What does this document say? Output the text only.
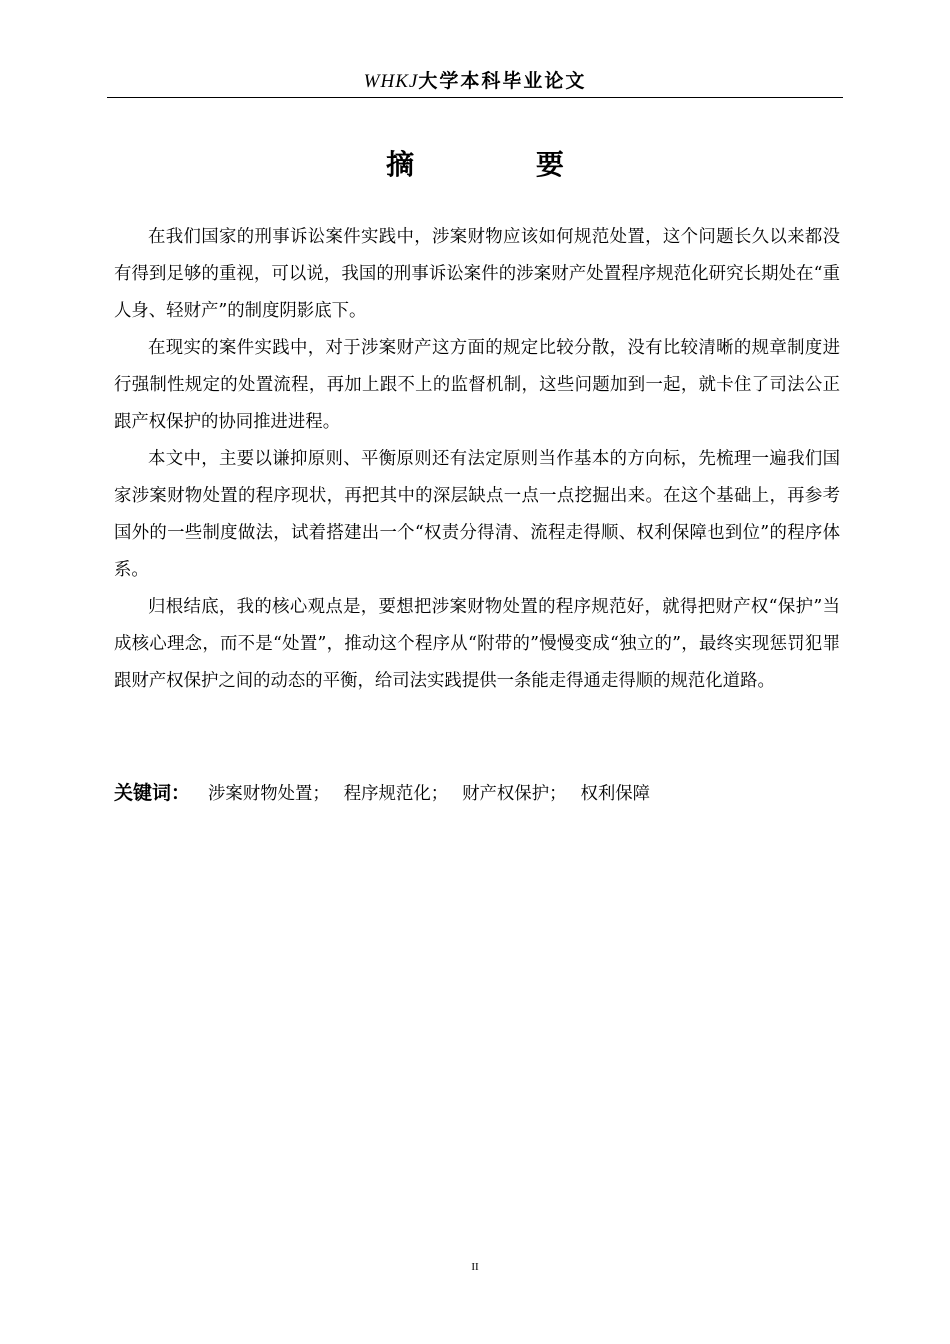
WHKJ大学本科毕业论文
摘 要

在我们国家的刑事诉讼案件实践中，涉案财物应该如何规范处置，这个问题长久以来都没有得到足够的重视，可以说，我国的刑事诉讼案件的涉案财产处置程序规范化研究长期处在“重人身、轻财产”的制度阴影底下。

在现实的案件实践中，对于涉案财产这方面的规定比较分散，没有比较清晰的规章制度进行强制性规定的处置流程，再加上跟不上的监督机制，这些问题加到一起，就卡住了司法公正跟产权保护的协同推进进程。

本文中，主要以谦抑原则、平衡原则还有法定原则当作基本的方向标，先梳理一遍我们国家涉案财物处置的程序现状，再把其中的深层缺点一点一点挖掘出来。在这个基础上，再参考国外的一些制度做法，试着搭建出一个“权责分得清、流程走得顺、权利保障也到位”的程序体系。

归根结底，我的核心观点是，要想把涉案财物处置的程序规范好，就得把财产权“保护”当成核心理念，而不是“处置”，推动这个程序从“附带的”慢慢变成“独立的”，最终实现惩罚犯罪跟财产权保护之间的动态的平衡，给司法实践提供一条能走得通走得顺的规范化道路。

关键词： 涉案财物处置； 程序规范化； 财产权保护； 权利保障
II
